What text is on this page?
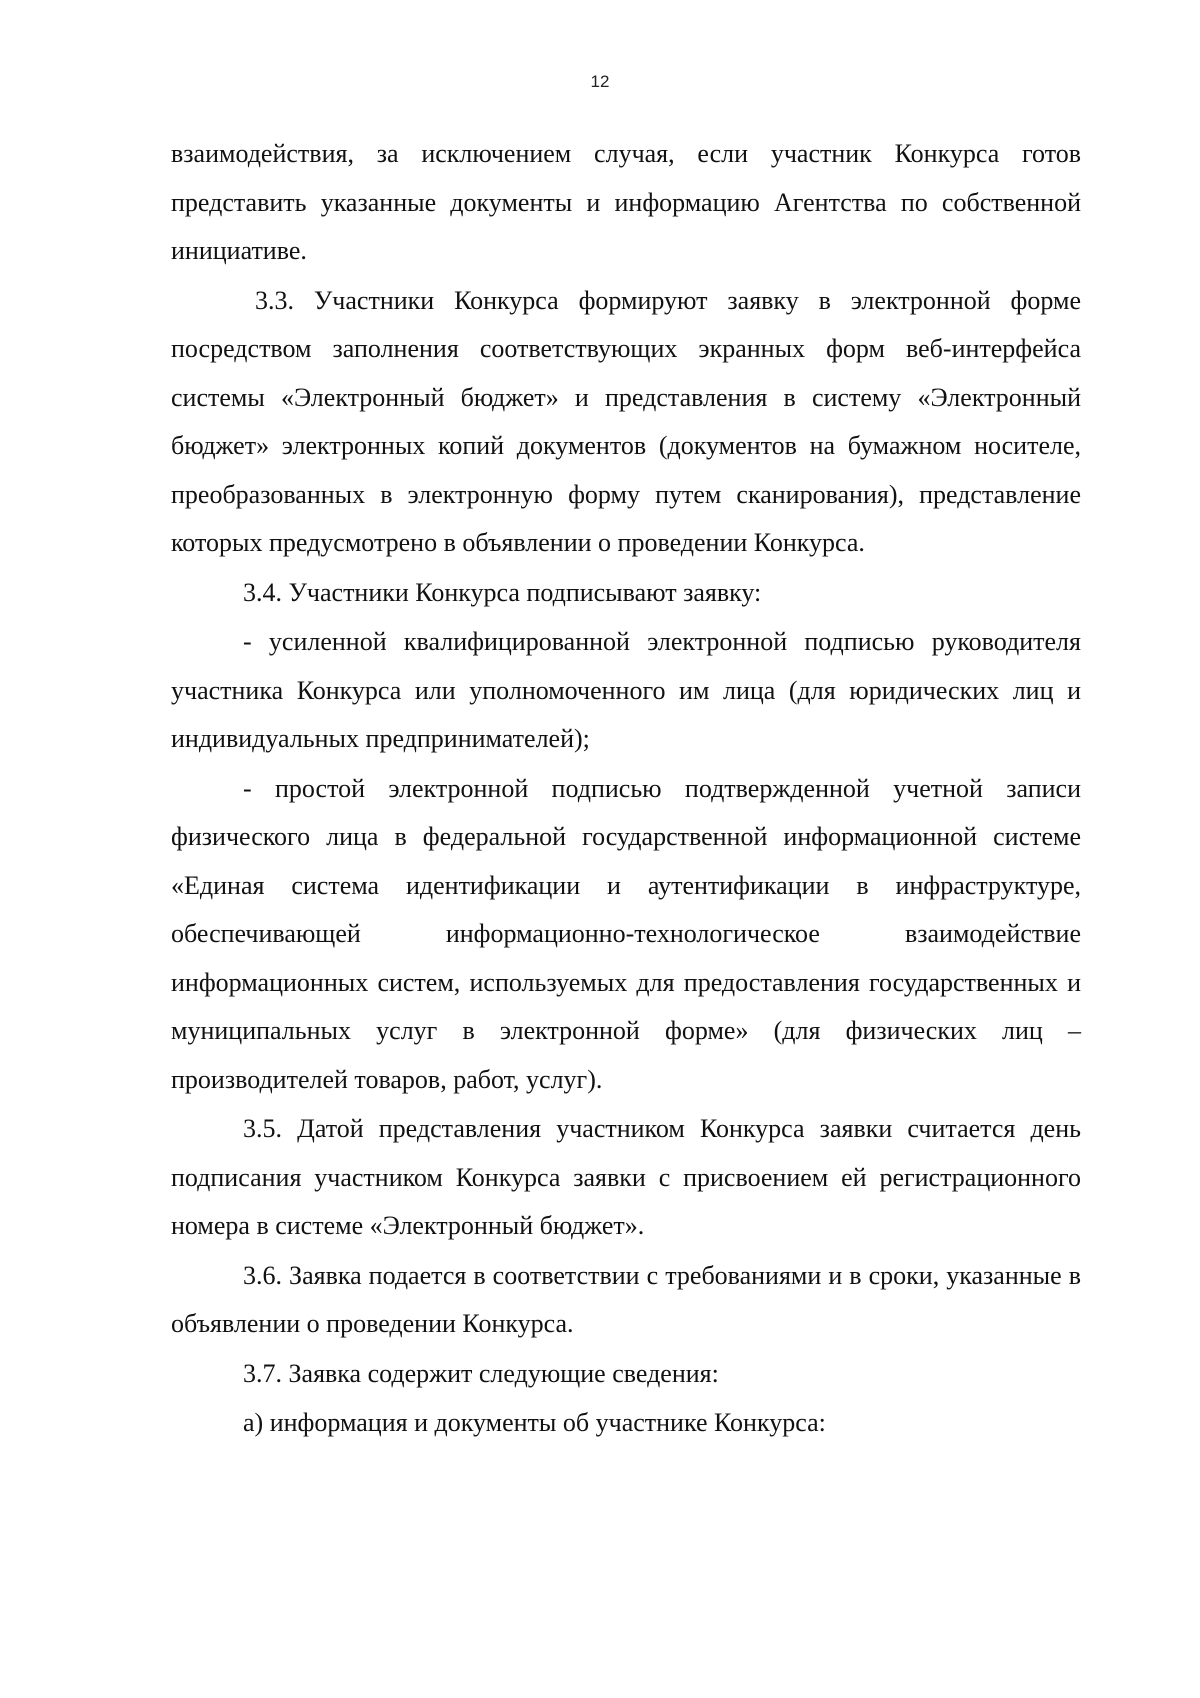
12

взаимодействия, за исключением случая, если участник Конкурса готов представить указанные документы и информацию Агентства по собственной инициативе.

3.3. Участники Конкурса формируют заявку в электронной форме посредством заполнения соответствующих экранных форм веб-интерфейса системы «Электронный бюджет» и представления в систему «Электронный бюджет» электронных копий документов (документов на бумажном носителе, преобразованных в электронную форму путем сканирования), представление которых предусмотрено в объявлении о проведении Конкурса.

3.4. Участники Конкурса подписывают заявку:

- усиленной квалифицированной электронной подписью руководителя участника Конкурса или уполномоченного им лица (для юридических лиц и индивидуальных предпринимателей);

- простой электронной подписью подтвержденной учетной записи физического лица в федеральной государственной информационной системе «Единая система идентификации и аутентификации в инфраструктуре, обеспечивающей информационно-технологическое взаимодействие информационных систем, используемых для предоставления государственных и муниципальных услуг в электронной форме» (для физических лиц – производителей товаров, работ, услуг).

3.5. Датой представления участником Конкурса заявки считается день подписания участником Конкурса заявки с присвоением ей регистрационного номера в системе «Электронный бюджет».

3.6. Заявка подается в соответствии с требованиями и в сроки, указанные в объявлении о проведении Конкурса.

3.7. Заявка содержит следующие сведения:

а) информация и документы об участнике Конкурса:
